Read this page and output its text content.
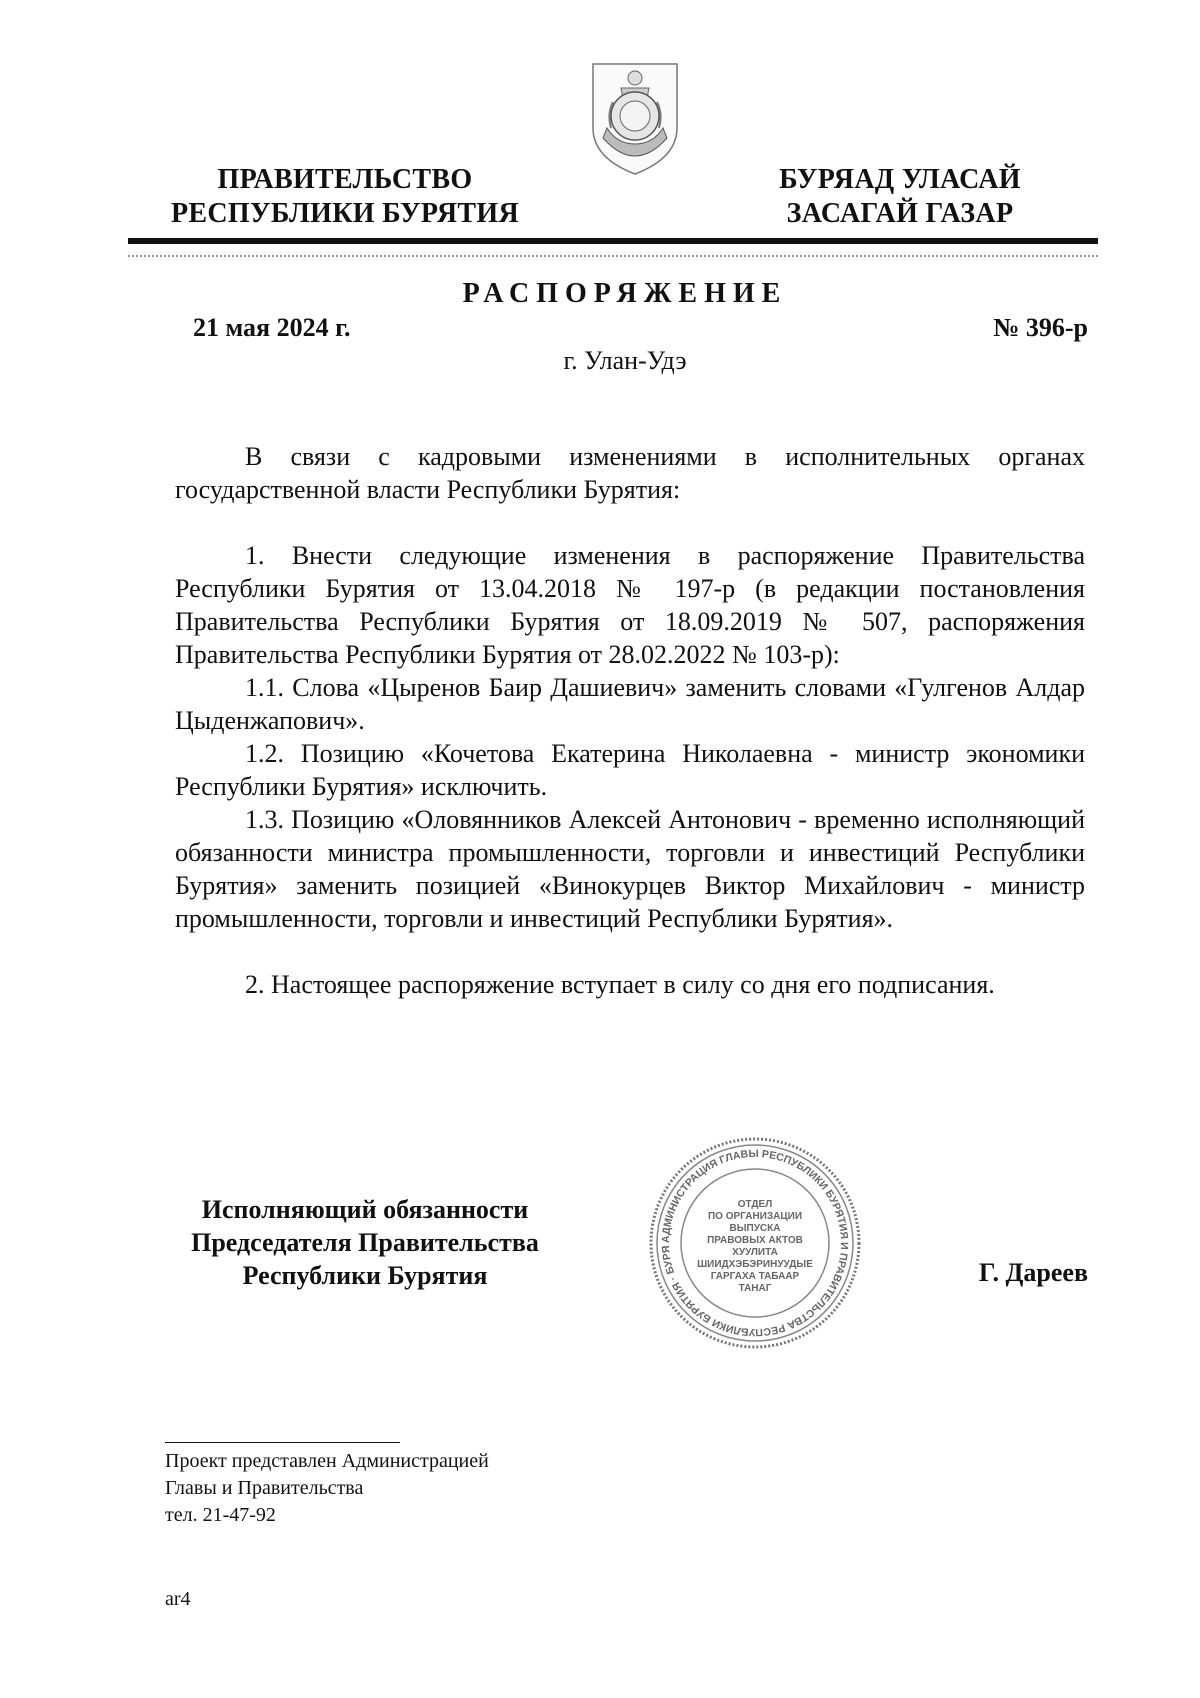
ПРАВИТЕЛЬСТВО
РЕСПУБЛИКИ БУРЯТИЯ
БУРЯАД УЛАСАЙ
ЗАСАГАЙ ГАЗАР
РАСПОРЯЖЕНИЕ
21 мая 2024 г.	№ 396-р
г. Улан-Удэ

В связи с кадровыми изменениями в исполнительных органах государственной власти Республики Бурятия:

1. Внести следующие изменения в распоряжение Правительства Республики Бурятия от 13.04.2018 № 197-р (в редакции постановления Правительства Республики Бурятия от 18.09.2019 № 507, распоряжения Правительства Республики Бурятия от 28.02.2022 № 103-р):

1.1. Слова «Цыренов Баир Дашиевич» заменить словами «Гулгенов Алдар Цыденжапович».

1.2. Позицию «Кочетова Екатерина Николаевна - министр экономики Республики Бурятия» исключить.

1.3. Позицию «Оловянников Алексей Антонович - временно исполняющий обязанности министра промышленности, торговли и инвестиций Республики Бурятия» заменить позицией «Винокурцев Виктор Михайлович - министр промышленности, торговли и инвестиций Республики Бурятия».

2. Настоящее распоряжение вступает в силу со дня его подписания.

Исполняющий обязанности
Председателя Правительства
Республики Бурятия
АДМИНИСТРАЦИЯ ГЛАВЫ РЕСПУБЛИКИ БУРЯТИЯ И ПРАВИТЕЛЬСТВА РЕСПУБЛИКИ БУРЯТИЯ · БУРЯ
ОТДЕЛ
ПО ОРГАНИЗАЦИИ
ВЫПУСКА
ПРАВОВЫХ АКТОВ
ХУУЛИТА
ШИИДХЭБЭРИНУУДЫЕ
ГАРГАХА ТАБААР
ТАНАГ
Г. Дареев
Проект представлен Администрацией
Главы и Правительства
тел. 21-47-92
ar4
